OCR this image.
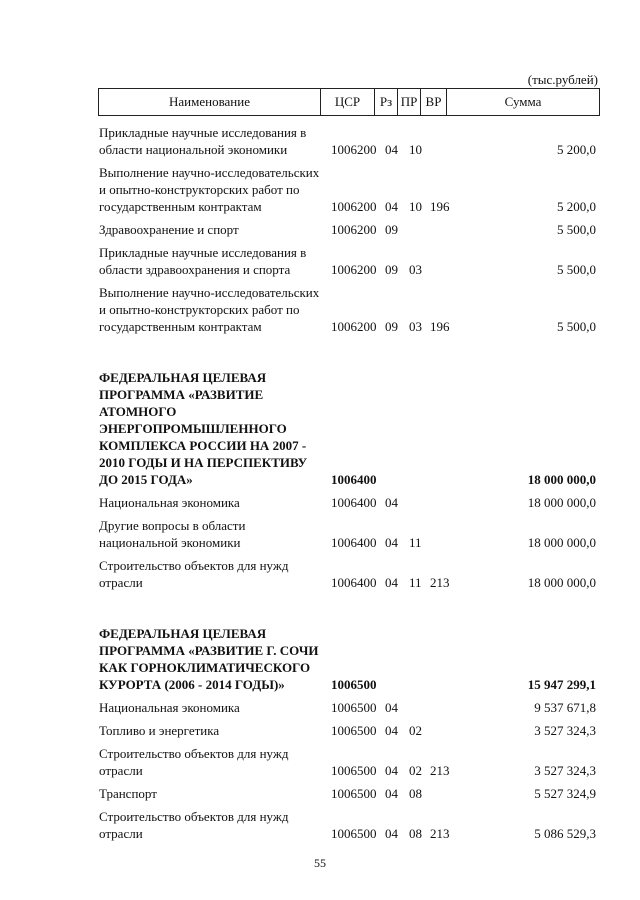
(тыс.рублей)
Наименование	ЦСР	Рз ПР ВР	Сумма
Прикладные научные исследования в области национальной экономики	1006200 04 10	5 200,0
Выполнение научно-исследовательских и опытно-конструкторских работ по государственным контрактам	1006200 04 10 196	5 200,0
Здравоохранение и спорт	1006200 09	5 500,0
Прикладные научные исследования в области здравоохранения и спорта	1006200 09 03	5 500,0
Выполнение научно-исследовательских и опытно-конструкторских работ по государственным контрактам	1006200 09 03 196	5 500,0
ФЕДЕРАЛЬНАЯ ЦЕЛЕВАЯ ПРОГРАММА «РАЗВИТИЕ АТОМНОГО ЭНЕРГОПРОМЫШЛЕННОГО КОМПЛЕКСА РОССИИ НА 2007 - 2010 ГОДЫ И НА ПЕРСПЕКТИВУ ДО 2015 ГОДА»	1006400	18 000 000,0
Национальная экономика	1006400 04	18 000 000,0
Другие вопросы в области национальной экономики	1006400 04 11	18 000 000,0
Строительство объектов для нужд отрасли	1006400 04 11 213	18 000 000,0
ФЕДЕРАЛЬНАЯ ЦЕЛЕВАЯ ПРОГРАММА «РАЗВИТИЕ Г. СОЧИ КАК ГОРНОКЛИМАТИЧЕСКОГО КУРОРТА (2006 - 2014 ГОДЫ)»	1006500	15 947 299,1
Национальная экономика	1006500 04	9 537 671,8
Топливо и энергетика	1006500 04 02	3 527 324,3
Строительство объектов для нужд отрасли	1006500 04 02 213	3 527 324,3
Транспорт	1006500 04 08	5 527 324,9
Строительство объектов для нужд отрасли	1006500 04 08 213	5 086 529,3
55
